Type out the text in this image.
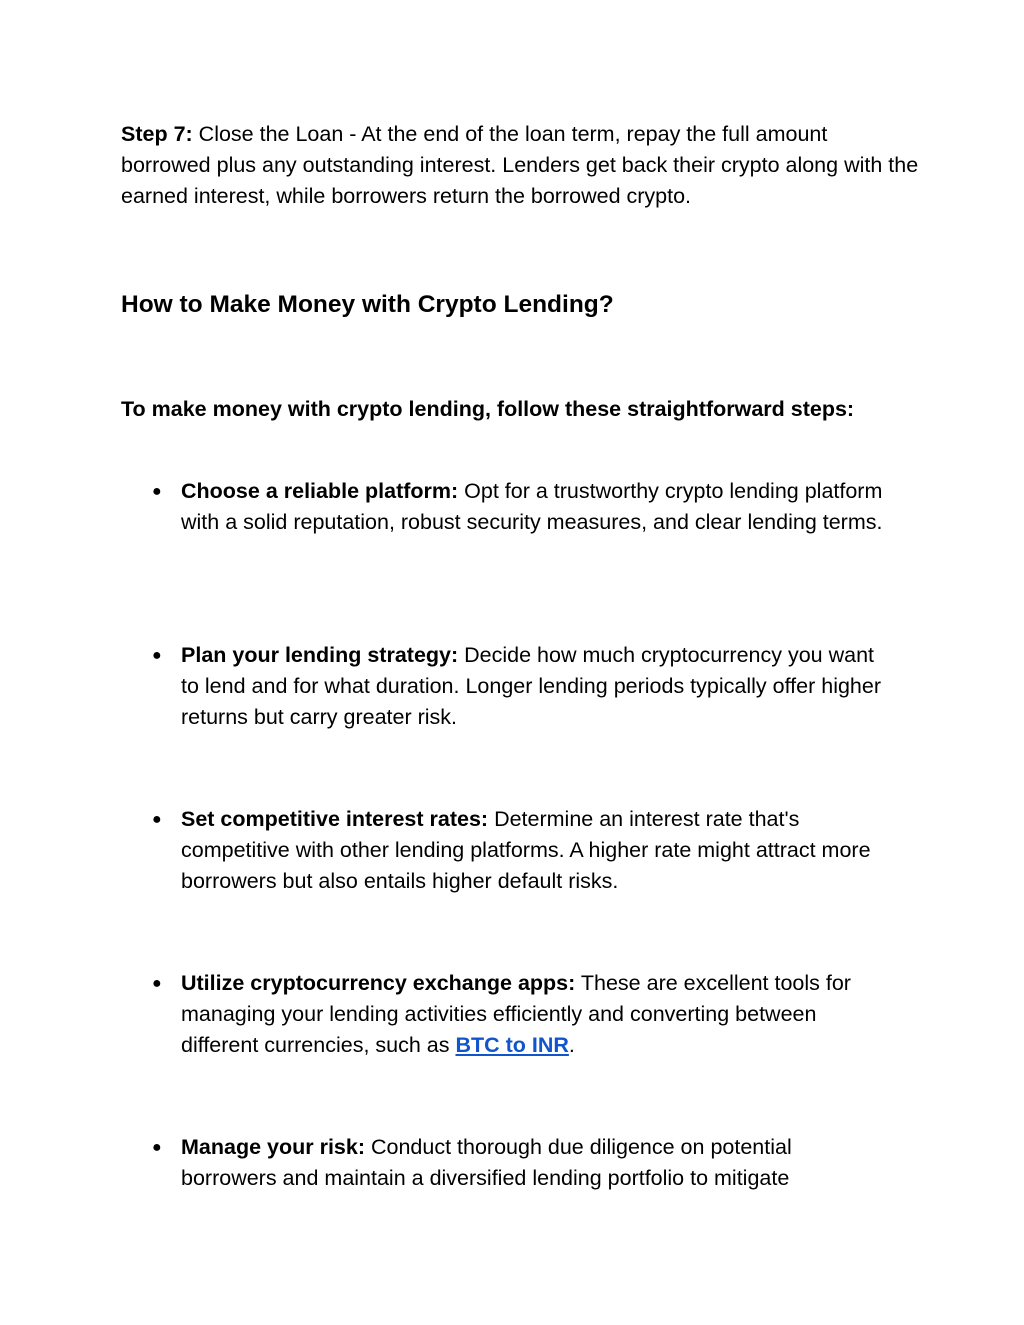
Step 7: Close the Loan - At the end of the loan term, repay the full amount borrowed plus any outstanding interest. Lenders get back their crypto along with the earned interest, while borrowers return the borrowed crypto.

How to Make Money with Crypto Lending?

To make money with crypto lending, follow these straightforward steps:

● Choose a reliable platform: Opt for a trustworthy crypto lending platform with a solid reputation, robust security measures, and clear lending terms.
● Plan your lending strategy: Decide how much cryptocurrency you want to lend and for what duration. Longer lending periods typically offer higher returns but carry greater risk.
● Set competitive interest rates: Determine an interest rate that's competitive with other lending platforms. A higher rate might attract more borrowers but also entails higher default risks.
● Utilize cryptocurrency exchange apps: These are excellent tools for managing your lending activities efficiently and converting between different currencies, such as BTC to INR.
● Manage your risk: Conduct thorough due diligence on potential borrowers and maintain a diversified lending portfolio to mitigate
